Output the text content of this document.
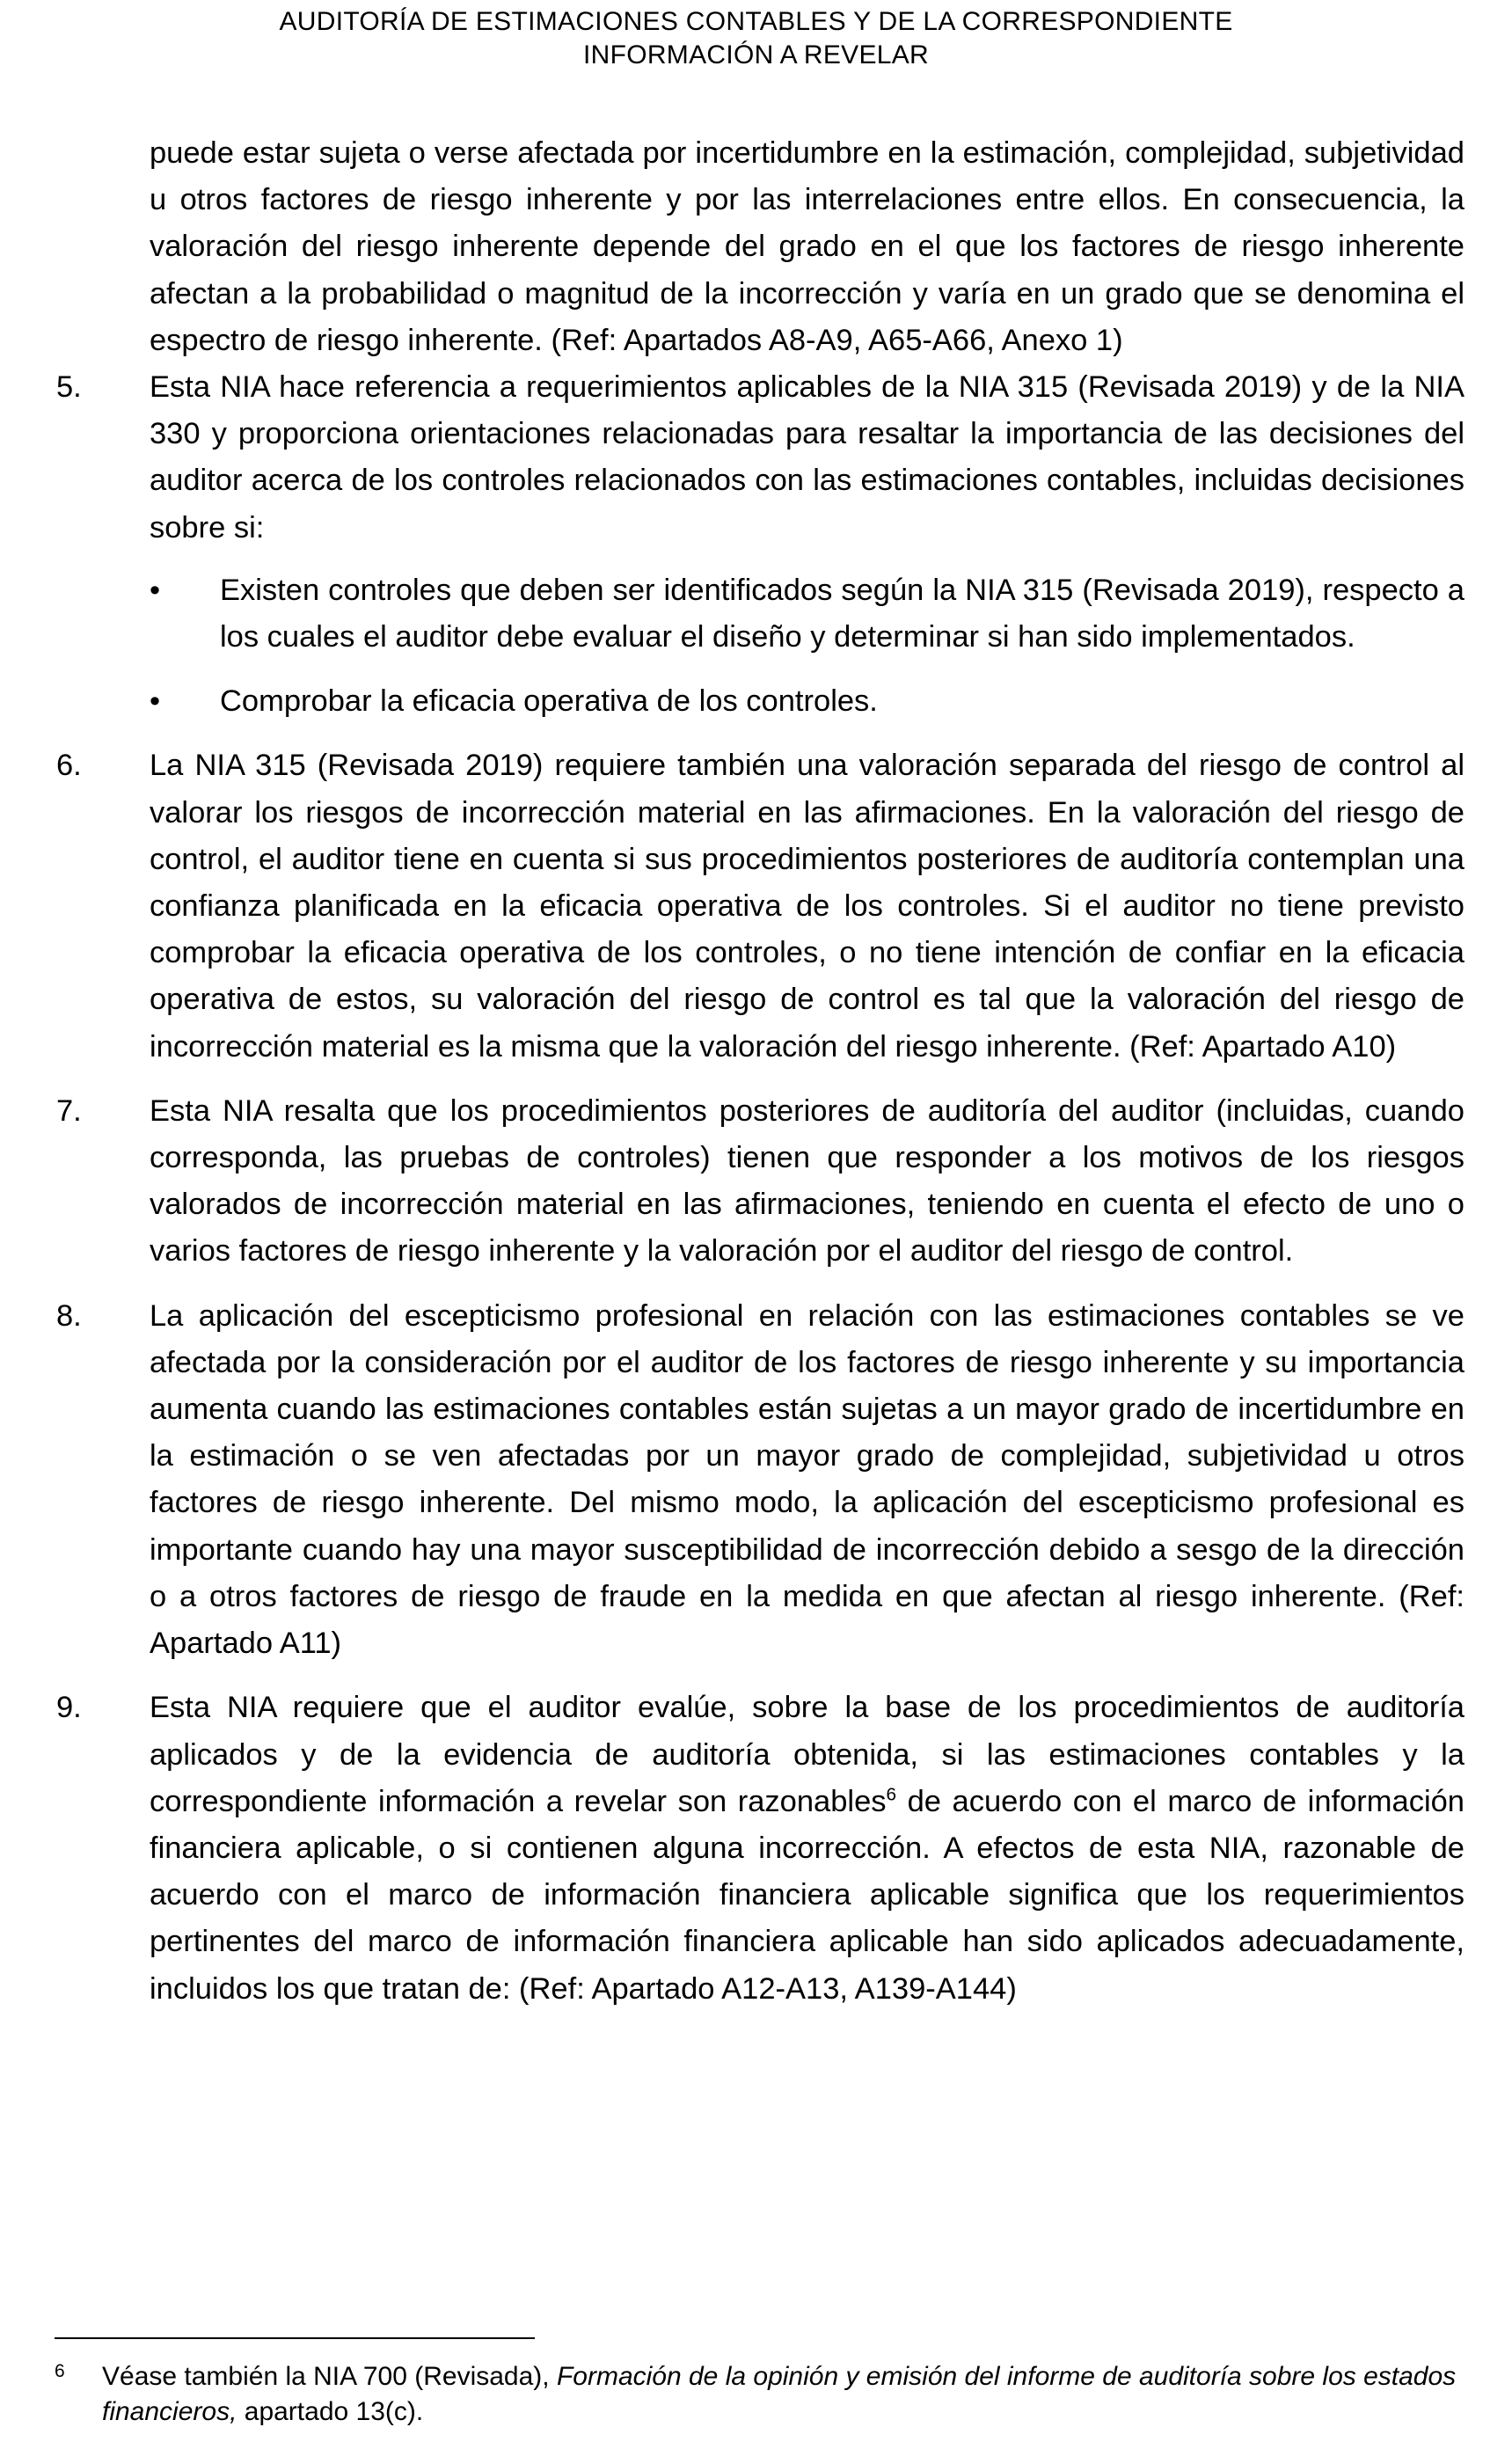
AUDITORÍA DE ESTIMACIONES CONTABLES Y DE LA CORRESPONDIENTE
INFORMACIÓN A REVELAR

puede estar sujeta o verse afectada por incertidumbre en la estimación, complejidad, subjetividad u otros factores de riesgo inherente y por las interrelaciones entre ellos. En consecuencia, la valoración del riesgo inherente depende del grado en el que los factores de riesgo inherente afectan a la probabilidad o magnitud de la incorrección y varía en un grado que se denomina el espectro de riesgo inherente. (Ref: Apartados A8-A9, A65-A66, Anexo 1)

5. Esta NIA hace referencia a requerimientos aplicables de la NIA 315 (Revisada 2019) y de la NIA 330 y proporciona orientaciones relacionadas para resaltar la importancia de las decisiones del auditor acerca de los controles relacionados con las estimaciones contables, incluidas decisiones sobre si:

• Existen controles que deben ser identificados según la NIA 315 (Revisada 2019), respecto a los cuales el auditor debe evaluar el diseño y determinar si han sido implementados.

• Comprobar la eficacia operativa de los controles.

6. La NIA 315 (Revisada 2019) requiere también una valoración separada del riesgo de control al valorar los riesgos de incorrección material en las afirmaciones. En la valoración del riesgo de control, el auditor tiene en cuenta si sus procedimientos posteriores de auditoría contemplan una confianza planificada en la eficacia operativa de los controles. Si el auditor no tiene previsto comprobar la eficacia operativa de los controles, o no tiene intención de confiar en la eficacia operativa de estos, su valoración del riesgo de control es tal que la valoración del riesgo de incorrección material es la misma que la valoración del riesgo inherente. (Ref: Apartado A10)

7. Esta NIA resalta que los procedimientos posteriores de auditoría del auditor (incluidas, cuando corresponda, las pruebas de controles) tienen que responder a los motivos de los riesgos valorados de incorrección material en las afirmaciones, teniendo en cuenta el efecto de uno o varios factores de riesgo inherente y la valoración por el auditor del riesgo de control.

8. La aplicación del escepticismo profesional en relación con las estimaciones contables se ve afectada por la consideración por el auditor de los factores de riesgo inherente y su importancia aumenta cuando las estimaciones contables están sujetas a un mayor grado de incertidumbre en la estimación o se ven afectadas por un mayor grado de complejidad, subjetividad u otros factores de riesgo inherente. Del mismo modo, la aplicación del escepticismo profesional es importante cuando hay una mayor susceptibilidad de incorrección debido a sesgo de la dirección o a otros factores de riesgo de fraude en la medida en que afectan al riesgo inherente. (Ref: Apartado A11)

9. Esta NIA requiere que el auditor evalúe, sobre la base de los procedimientos de auditoría aplicados y de la evidencia de auditoría obtenida, si las estimaciones contables y la correspondiente información a revelar son razonables$^6$ de acuerdo con el marco de información financiera aplicable, o si contienen alguna incorrección. A efectos de esta NIA, razonable de acuerdo con el marco de información financiera aplicable significa que los requerimientos pertinentes del marco de información financiera aplicable han sido aplicados adecuadamente, incluidos los que tratan de: (Ref: Apartado A12-A13, A139-A144)

6 Véase también la NIA 700 (Revisada), Formación de la opinión y emisión del informe de auditoría sobre los estados financieros, apartado 13(c).
